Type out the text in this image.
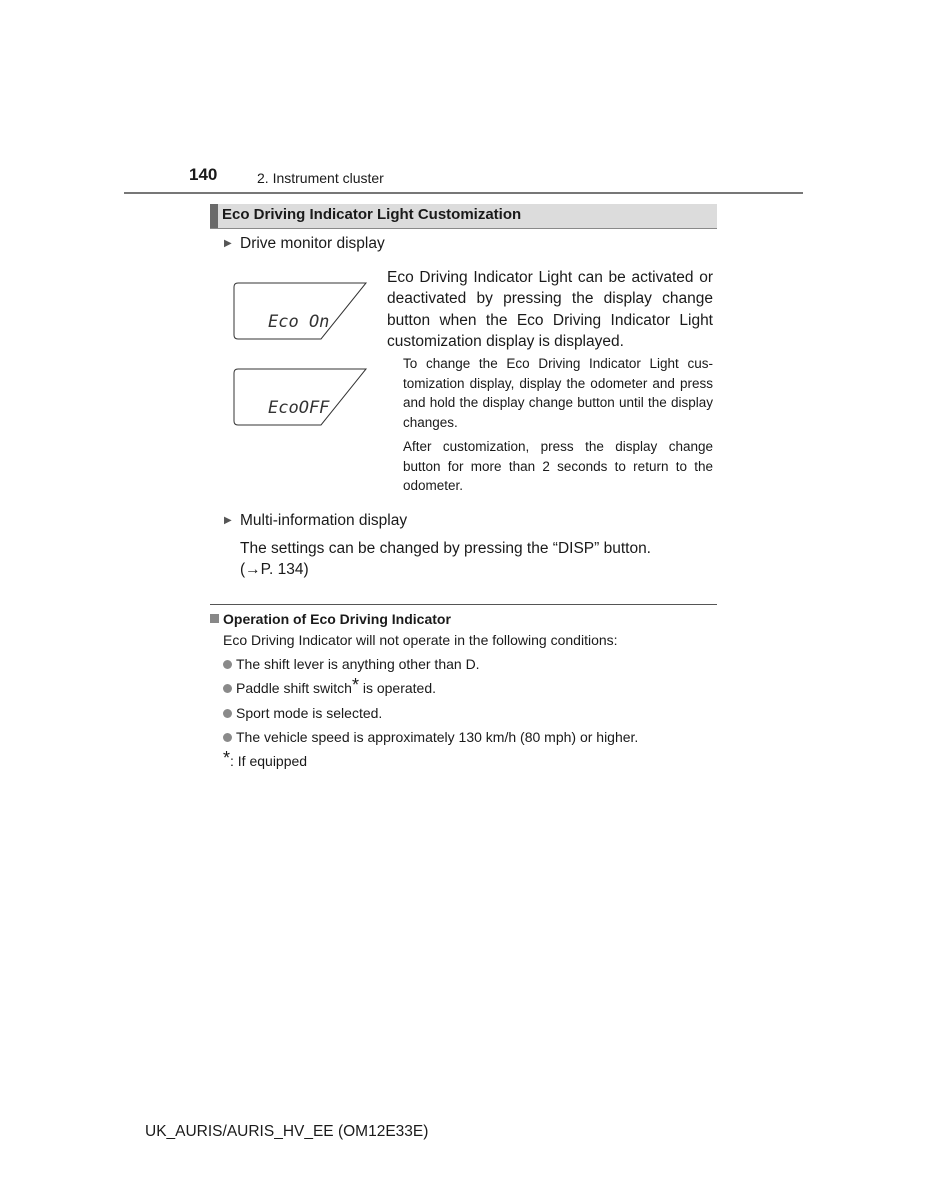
140	2. Instrument cluster
Eco Driving Indicator Light Customization
▶ Drive monitor display
Eco On
EcoOFF
Eco Driving Indicator Light can be activated or deactivated by pressing the display change button when the Eco Driving Indicator Light customization display is displayed.
To change the Eco Driving Indicator Light cus-tomization display, display the odometer and press and hold the display change button until the display changes.
After customization, press the display change button for more than 2 seconds to return to the odometer.
▶ Multi-information display
The settings can be changed by pressing the “DISP” button.
(→P. 134)
Operation of Eco Driving Indicator
Eco Driving Indicator will not operate in the following conditions:
The shift lever is anything other than D.
Paddle shift switch* is operated.
Sport mode is selected.
The vehicle speed is approximately 130 km/h (80 mph) or higher.
*: If equipped
UK_AURIS/AURIS_HV_EE (OM12E33E)
